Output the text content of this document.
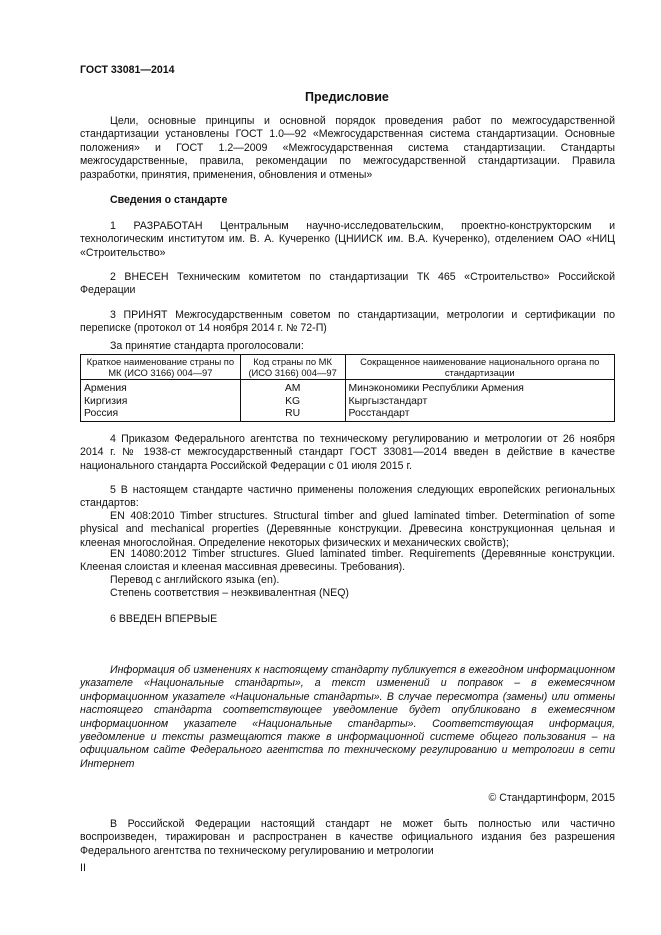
ГОСТ 33081—2014
Предисловие

Цели, основные принципы и основной порядок проведения работ по межгосударственной стандартизации установлены ГОСТ 1.0—92 «Межгосударственная система стандартизации. Основные положения» и ГОСТ 1.2—2009 «Межгосударственная система стандартизации. Стандарты межгосударственные, правила, рекомендации по межгосударственной стандартизации. Правила разработки, принятия, применения, обновления и отмены»

Сведения о стандарте

1 РАЗРАБОТАН Центральным научно-исследовательским, проектно-конструкторским и технологическим институтом им. В. А. Кучеренко (ЦНИИСК им. В.А. Кучеренко), отделением ОАО «НИЦ «Строительство»

2 ВНЕСЕН Техническим комитетом по стандартизации ТК 465 «Строительство» Российской Федерации

3 ПРИНЯТ Межгосударственным советом по стандартизации, метрологии и сертификации по переписке (протокол от 14 ноября 2014 г. № 72-П)

За принятие стандарта проголосовали:

Краткое наименование страны по МК (ИСО 3166) 004—97	Код страны по МК (ИСО 3166) 004—97	Сокращенное наименование национального органа по стандартизации
Армения	AM	Минэкономики Республики Армения
Киргизия	KG	Кыргызстандарт
Россия	RU	Росстандарт

4 Приказом Федерального агентства по техническому регулированию и метрологии от 26 ноября 2014 г. № 1938-ст межгосударственный стандарт ГОСТ 33081—2014 введен в действие в качестве национального стандарта Российской Федерации с 01 июля 2015 г.

5 В настоящем стандарте частично применены положения следующих европейских региональных стандартов:

EN 408:2010 Timber structures. Structural timber and glued laminated timber. Determination of some physical and mechanical properties (Деревянные конструкции. Древесина конструкционная цельная и клееная многослойная. Определение некоторых физических и механических свойств);

EN 14080:2012 Timber structures. Glued laminated timber. Requirements (Деревянные конструкции. Клееная слоистая и клееная массивная древесины. Требования).

Перевод с английского языка (en).

Степень соответствия – неэквивалентная (NEQ)

6 ВВЕДЕН ВПЕРВЫЕ

Информация об изменениях к настоящему стандарту публикуется в ежегодном информационном указателе «Национальные стандарты», а текст изменений и поправок – в ежемесячном информационном указателе «Национальные стандарты». В случае пересмотра (замены) или отмены настоящего стандарта соответствующее уведомление будет опубликовано в ежемесячном информационном указателе «Национальные стандарты». Соответствующая информация, уведомление и тексты размещаются также в информационной системе общего пользования – на официальном сайте Федерального агентства по техническому регулированию и метрологии в сети Интернет

© Стандартинформ, 2015

В Российской Федерации настоящий стандарт не может быть полностью или частично воспроизведен, тиражирован и распространен в качестве официального издания без разрешения Федерального агентства по техническому регулированию и метрологии

II
